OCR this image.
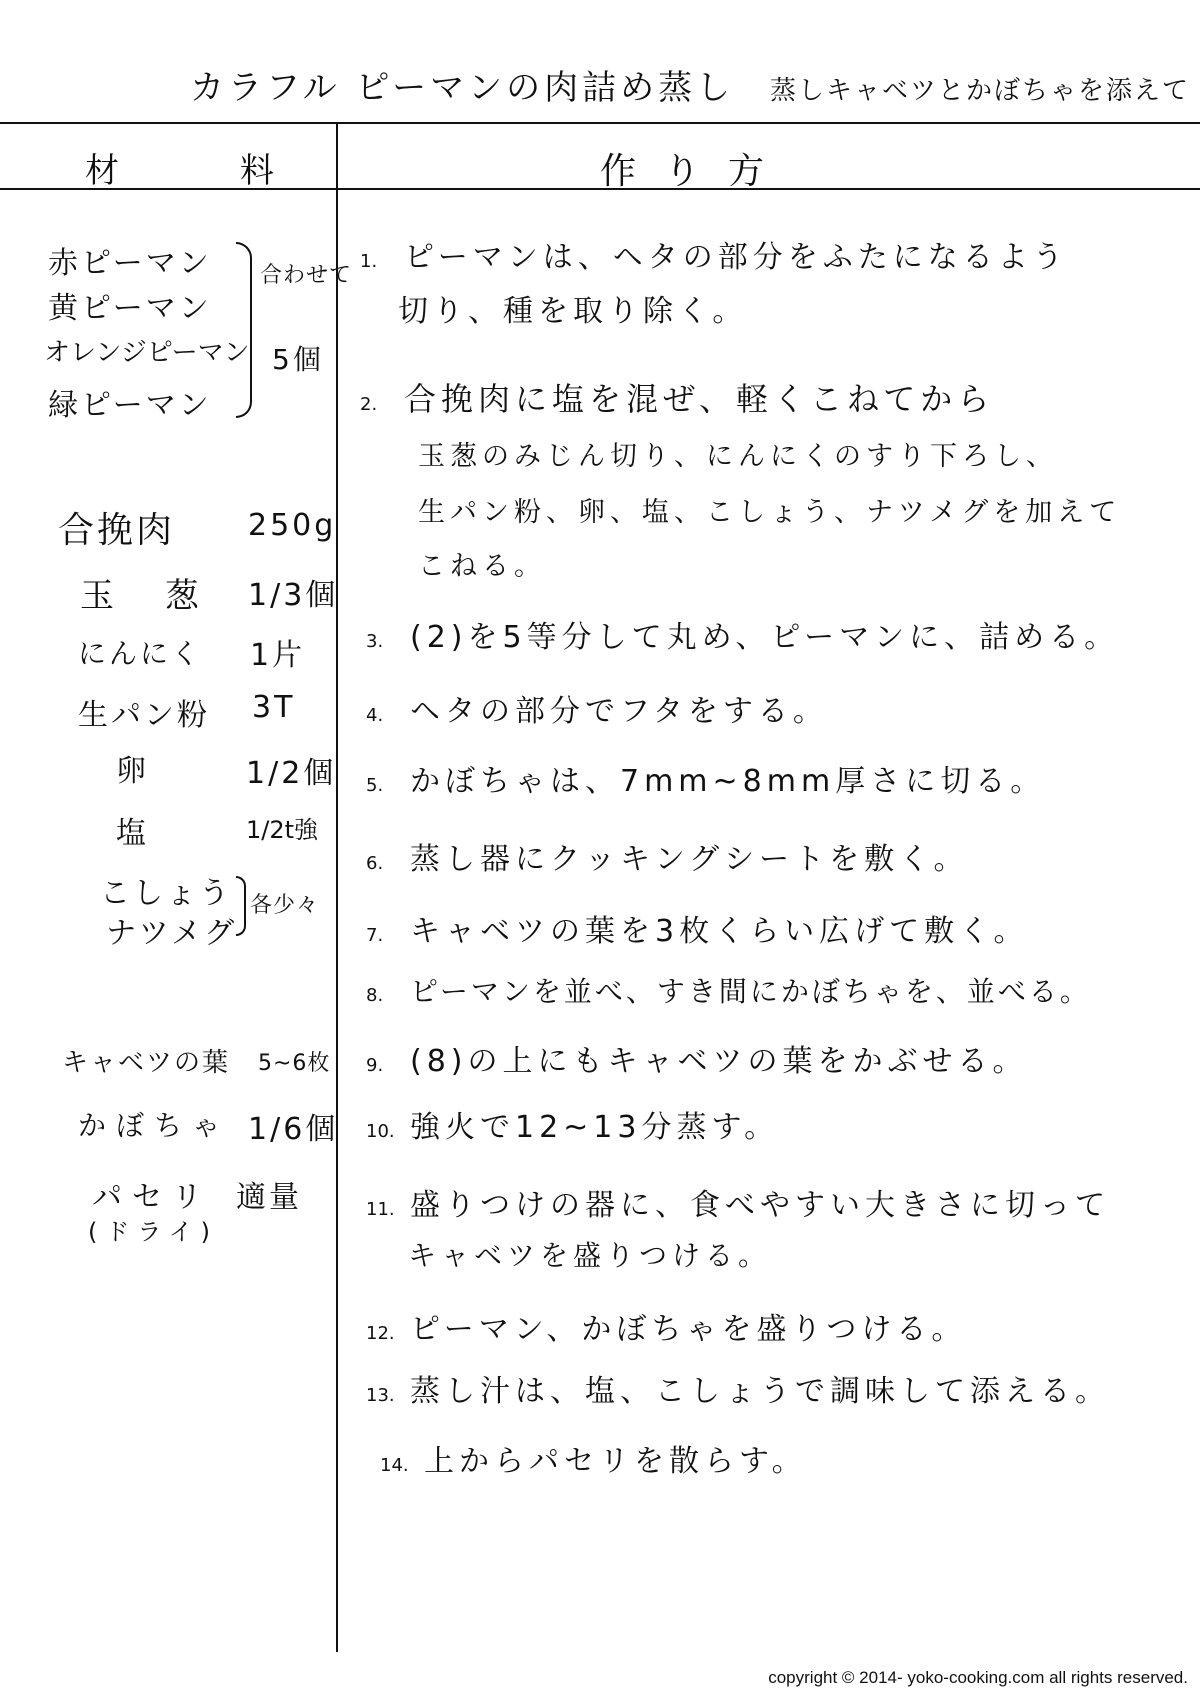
カラフル ピーマンの肉詰め蒸し 蒸しキャベツとかぼちゃを添えて
材	料	作り方
赤ピーマン
黄ピーマン
オレンジピーマン
緑ピーマン
合わせて
5個
合挽肉 250g
玉 葱 1/3個
にんにく 1片
生パン粉 3T
卵	1/2個
塩	1/2t強
こしょう
ナツメグ
各少々
キャベツの葉 5~6枚
かぼちゃ 1/6個
パセリ 適量
(ドライ)
1. ピーマンは、ヘタの部分をふたになるよう
切り、種を取り除く。
2. 合挽肉に塩を混ぜ、軽くこねてから
玉葱のみじん切り、にんにくのすり下ろし、
生パン粉、卵、塩、こしょう、ナツメグを加えて
こねる。
3. (2)を5等分して丸め、ピーマンに、詰める。
4. ヘタの部分でフタをする。
5. かぼちゃは、7mm~8mm厚さに切る。
6. 蒸し器にクッキングシートを敷く。
7. キャベツの葉を3枚くらい広げて敷く。
8. ピーマンを並べ、すき間にかぼちゃを、並べる。
9. (8)の上にもキャベツの葉をかぶせる。
10. 強火で12~13分蒸す。
11. 盛りつけの器に、食べやすい大きさに切って
キャベツを盛りつける。
12. ピーマン、かぼちゃを盛りつける。
13. 蒸し汁は、塩、こしょうで調味して添える。
14. 上からパセリを散らす。
copyright © 2014- yoko-cooking.com all rights reserved.
